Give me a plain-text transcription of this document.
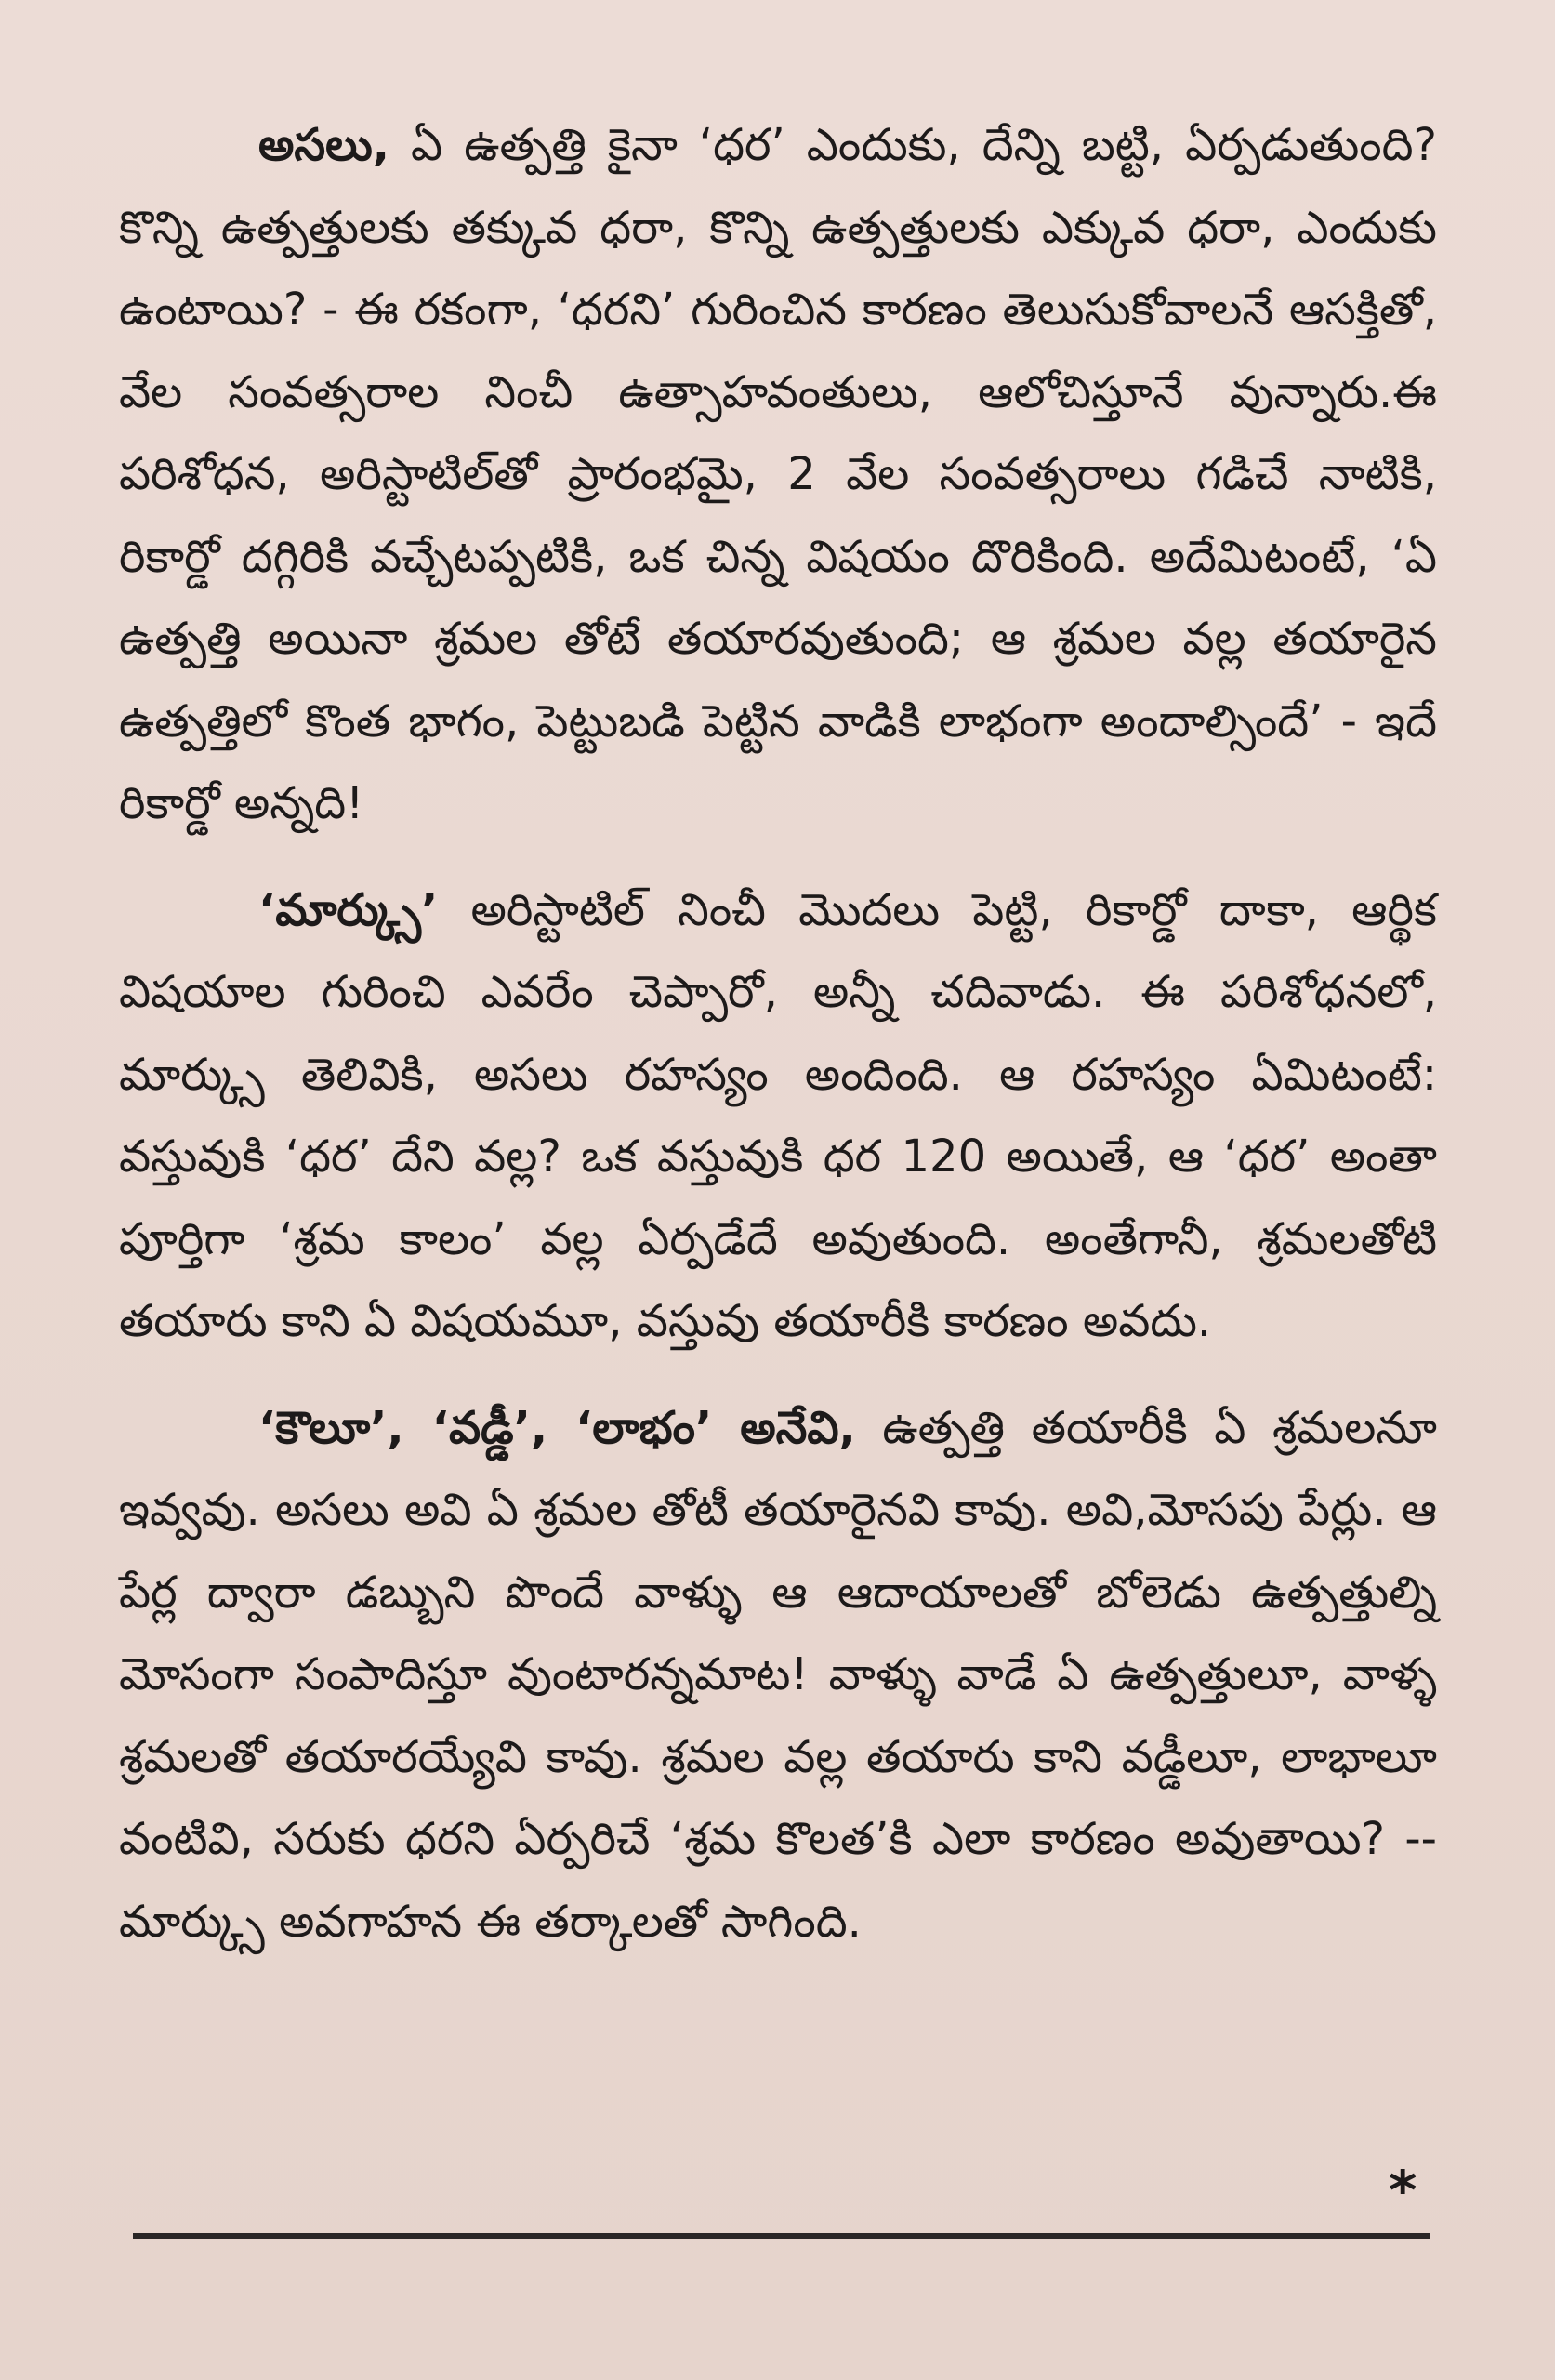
అసలు, ఏ ఉత్పత్తి కైనా ‘ధర’ ఎందుకు, దేన్ని బట్టి, ఏర్పడుతుంది? కొన్ని ఉత్పత్తులకు తక్కువ ధరా, కొన్ని ఉత్పత్తులకు ఎక్కువ ధరా, ఎందుకు ఉంటాయి? - ఈ రకంగా, ‘ధరని’ గురించిన కారణం తెలుసుకోవాలనే ఆసక్తితో, వేల సంవత్సరాల నించీ ఉత్సాహవంతులు, ఆలోచిస్తూనే వున్నారు.ఈ పరిశోధన, అరిస్టాటిల్‌తో ప్రారంభమై, 2 వేల సంవత్సరాలు గడిచే నాటికి, రికార్డో దగ్గిరికి వచ్చేటప్పటికి, ఒక చిన్న విషయం దొరికింది. అదేమిటంటే, ‘ఏ ఉత్పత్తి అయినా శ్రమల తోటే తయారవుతుంది; ఆ శ్రమల వల్ల తయారైన ఉత్పత్తిలో కొంత భాగం, పెట్టుబడి పెట్టిన వాడికి లాభంగా అందాల్సిందే’ - ఇదే రికార్డో అన్నది!

‘మార్క్సు’ అరిస్టాటిల్ నించీ మొదలు పెట్టి, రికార్డో దాకా, ఆర్థిక విషయాల గురించి ఎవరేం చెప్పారో, అన్నీ చదివాడు. ఈ పరిశోధనలో, మార్క్సు తెలివికి, అసలు రహస్యం అందింది. ఆ రహస్యం ఏమిటంటే: వస్తువుకి ‘ధర’ దేని వల్ల? ఒక వస్తువుకి ధర 120 అయితే, ఆ ‘ధర’ అంతా పూర్తిగా ‘శ్రమ కాలం’ వల్ల ఏర్పడేదే అవుతుంది. అంతేగానీ, శ్రమలతోటి తయారు కాని ఏ విషయమూ, వస్తువు తయారీకి కారణం అవదు.

‘కౌలూ’, ‘వడ్డీ’, ‘లాభం’ అనేవి, ఉత్పత్తి తయారీకి ఏ శ్రమలనూ ఇవ్వవు. అసలు అవి ఏ శ్రమల తోటీ తయారైనవి కావు. అవి,మోసపు పేర్లు. ఆ పేర్ల ద్వారా డబ్బుని పొందే వాళ్ళు ఆ ఆదాయాలతో బోలెడు ఉత్పత్తుల్ని మోసంగా సంపాదిస్తూ వుంటారన్నమాట! వాళ్ళు వాడే ఏ ఉత్పత్తులూ, వాళ్ళ శ్రమలతో తయారయ్యేవి కావు. శ్రమల వల్ల తయారు కాని వడ్డీలూ, లాభాలూ వంటివి, సరుకు ధరని ఏర్పరిచే ‘శ్రమ కొలత’కి ఎలా కారణం అవుతాయి? -- మార్క్సు అవగాహన ఈ తర్కాలతో సాగింది.

*
